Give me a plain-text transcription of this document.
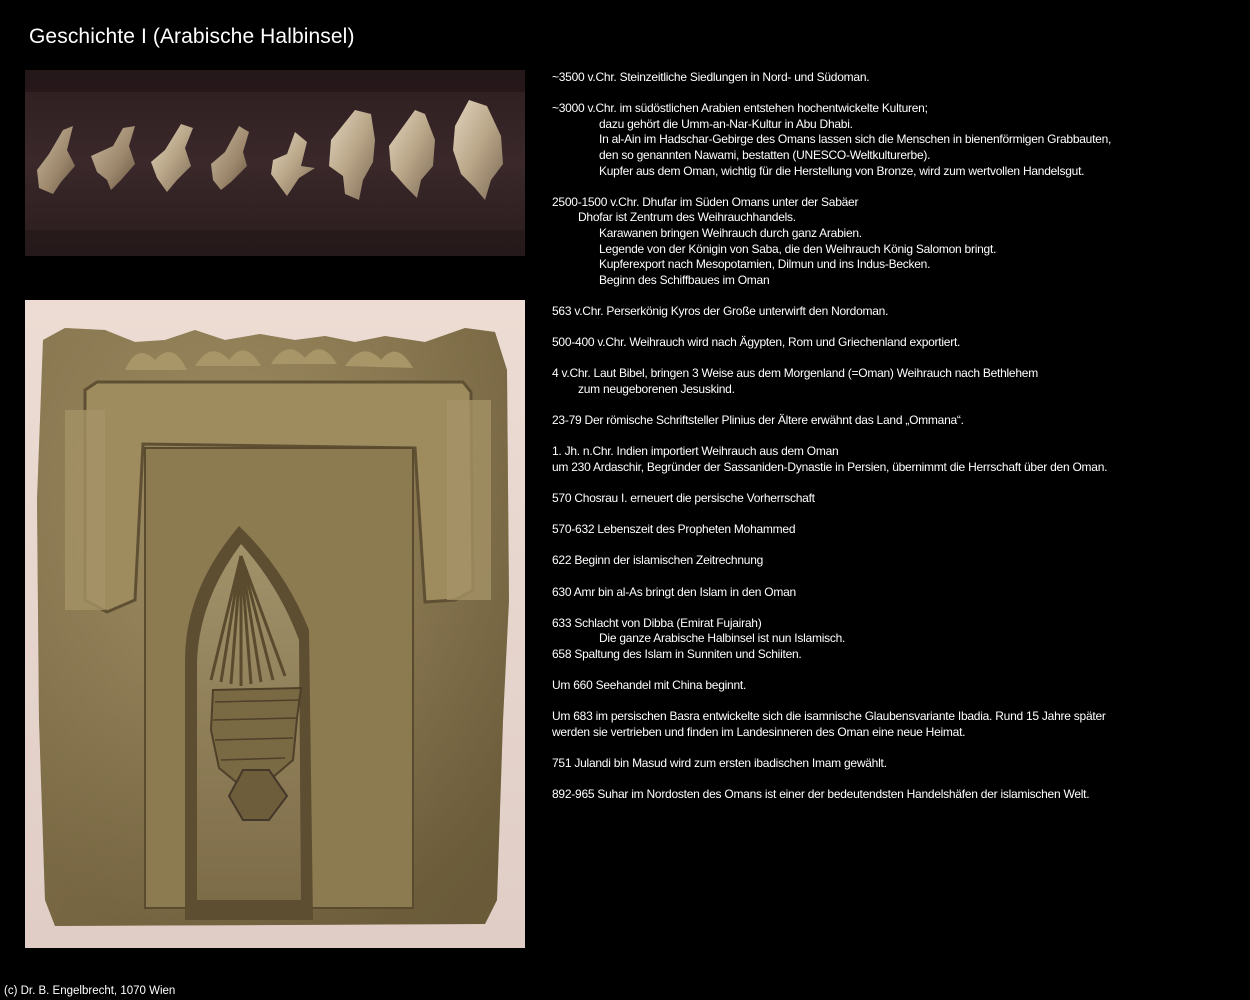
Geschichte I (Arabische Halbinsel)
~3500 v.Chr. Steinzeitliche Siedlungen in Nord- und Südoman.
~3000 v.Chr. im südöstlichen Arabien entstehen hochentwickelte Kulturen;
dazu gehört die Umm-an-Nar-Kultur in Abu Dhabi.
In al-Ain im Hadschar-Gebirge des Omans lassen sich die Menschen in bienenförmigen Grabbauten,
den so genannten Nawami, bestatten (UNESCO-Weltkulturerbe).
Kupfer aus dem Oman, wichtig für die Herstellung von Bronze, wird zum wertvollen Handelsgut.
2500-1500 v.Chr. Dhufar im Süden Omans unter der Sabäer
Dhofar ist Zentrum des Weihrauchhandels.
Karawanen bringen Weihrauch durch ganz Arabien.
Legende von der Königin von Saba, die den Weihrauch König Salomon bringt.
Kupferexport nach Mesopotamien, Dilmun und ins Indus-Becken.
Beginn des Schiffbaues im Oman
563 v.Chr. Perserkönig Kyros der Große unterwirft den Nordoman.
500-400 v.Chr. Weihrauch wird nach Ägypten, Rom und Griechenland exportiert.
4 v.Chr. Laut Bibel, bringen 3 Weise aus dem Morgenland (=Oman) Weihrauch nach Bethlehem
zum neugeborenen Jesuskind.
23-79 Der römische Schriftsteller Plinius der Ältere erwähnt das Land „Ommana“.
1. Jh. n.Chr. Indien importiert Weihrauch aus dem Oman
um 230 Ardaschir, Begründer der Sassaniden-Dynastie in Persien, übernimmt die Herrschaft über den Oman.
570 Chosrau I. erneuert die persische Vorherrschaft
570-632 Lebenszeit des Propheten Mohammed
622 Beginn der islamischen Zeitrechnung
630 Amr bin al-As bringt den Islam in den Oman
633 Schlacht von Dibba (Emirat Fujairah)
Die ganze Arabische Halbinsel ist nun Islamisch.
658 Spaltung des Islam in Sunniten und Schiiten.
Um 660 Seehandel mit China beginnt.
Um 683 im persischen Basra entwickelte sich die isamnische Glaubensvariante Ibadia. Rund 15 Jahre später
werden sie vertrieben und finden im Landesinneren des Oman eine neue Heimat.
751 Julandi bin Masud wird zum ersten ibadischen Imam gewählt.
892-965 Suhar im Nordosten des Omans ist einer der bedeutendsten Handelshäfen der islamischen Welt.
(c) Dr. B. Engelbrecht, 1070 Wien
